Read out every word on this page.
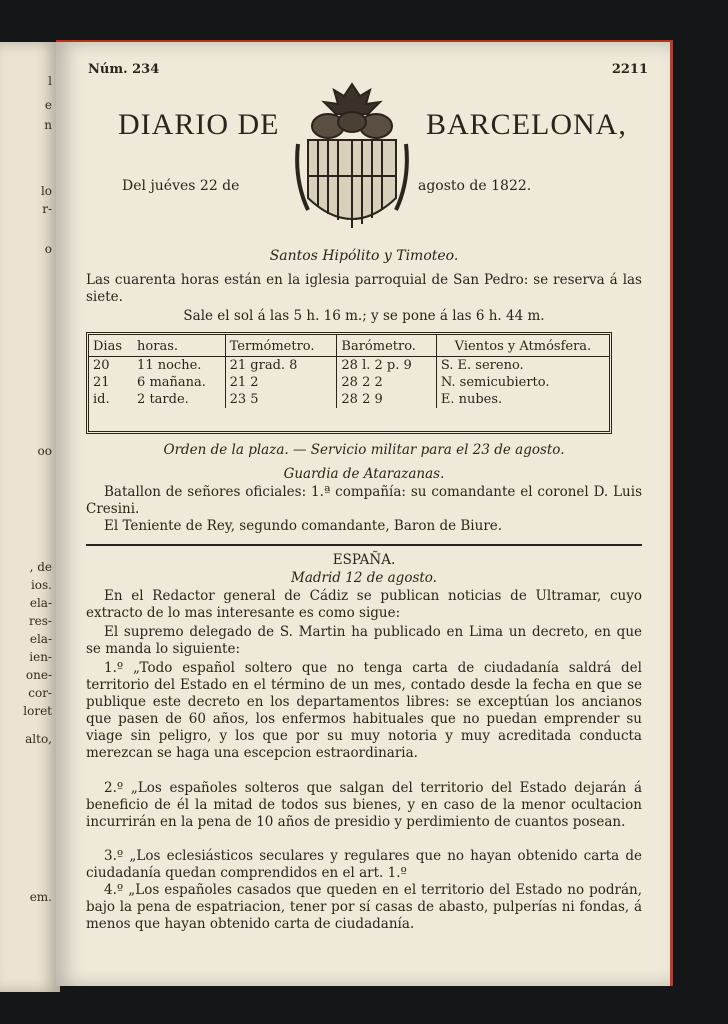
l
e
n
lo
r-
o
oo
, de
ios.
ela-
res-
ela-
ien-
one-
cor-
loret
alto,
em.
Núm. 234	2211
DIARIO DE	BARCELONA,
Del juéves 22 de	agosto de 1822.
Santos Hipólito y Timoteo.
Las cuarenta horas están en la iglesia parroquial de San Pedro: se reserva á las siete.
Sale el sol á las 5 h. 16 m.; y se pone á las 6 h. 44 m.
Dias	horas.	Termómetro.	Barómetro.	Vientos y Atmósfera.
20	11 noche.	21 grad. 8	28 l. 2 p. 9	S. E. sereno.
21	6 mañana.	21 2	28 2 2	N. semicubierto.
id.	2 tarde.	23 5	28 2 9	E. nubes.
Orden de la plaza. — Servicio militar para el 23 de agosto.
Guardia de Atarazanas.
Batallon de señores oficiales: 1.ª compañía: su comandante el coronel D. Luis Cresini.
El Teniente de Rey, segundo comandante, Baron de Biure.
ESPAÑA.
Madrid 12 de agosto.
En el Redactor general de Cádiz se publican noticias de Ultramar, cuyo extracto de lo mas interesante es como sigue:
El supremo delegado de S. Martin ha publicado en Lima un decreto, en que se manda lo siguiente:
1.º „Todo español soltero que no tenga carta de ciudadanía saldrá del territorio del Estado en el término de un mes, contado desde la fecha en que se publique este decreto en los departamentos libres: se exceptúan los ancianos que pasen de 60 años, los enfermos habituales que no puedan emprender su viage sin peligro, y los que por su muy notoria y muy acreditada conducta merezcan se haga una escepcion estraordinaria.
2.º „Los españoles solteros que salgan del territorio del Estado dejarán á beneficio de él la mitad de todos sus bienes, y en caso de la menor ocultacion incurrirán en la pena de 10 años de presidio y perdimiento de cuantos posean.
3.º „Los eclesiásticos seculares y regulares que no hayan obtenido carta de ciudadanía quedan comprendidos en el art. 1.º
4.º „Los españoles casados que queden en el territorio del Estado no podrán, bajo la pena de espatriacion, tener por sí casas de abasto, pulperías ni fondas, á menos que hayan obtenido carta de ciudadanía.
